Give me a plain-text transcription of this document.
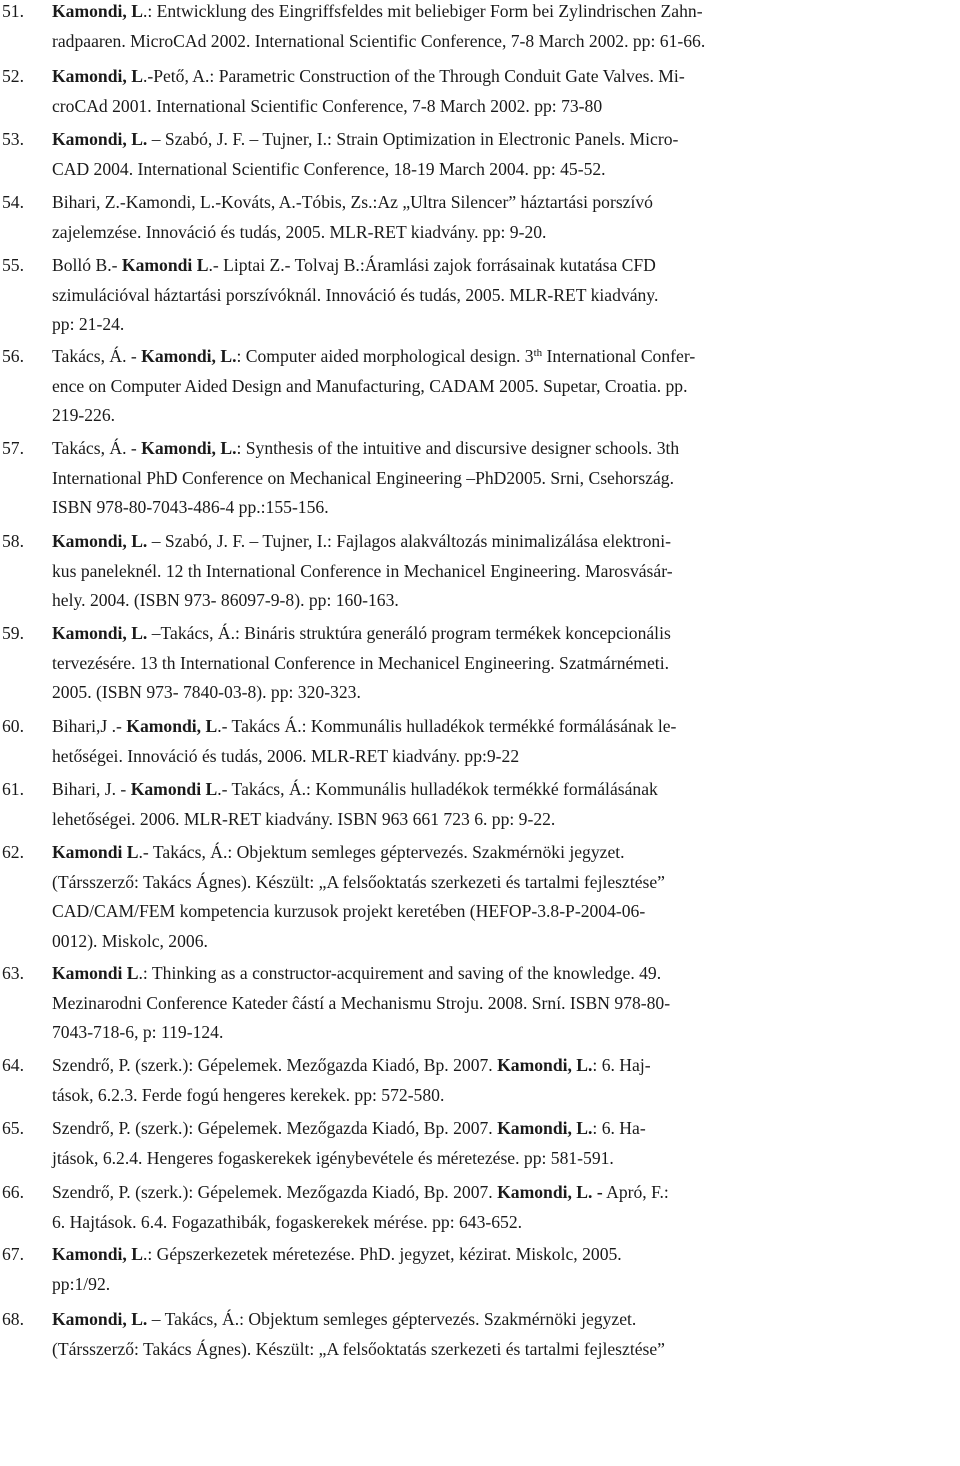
51.	Kamondi, L.: Entwicklung des Eingriffsfeldes mit beliebiger Form bei Zylindrischen Zahn-
radpaaren. MicroCAd 2002. International Scientific Conference, 7-8 March 2002. pp: 61-66.
52.	Kamondi, L.-Pető, A.: Parametric Construction of the Through Conduit Gate Valves. Mi-
croCAd 2001. International Scientific Conference, 7-8 March 2002. pp: 73-80
53.	Kamondi, L. – Szabó, J. F. – Tujner, I.: Strain Optimization in Electronic Panels. Micro-
CAD 2004. International Scientific Conference, 18-19 March 2004. pp: 45-52.
54.	Bihari, Z.-Kamondi, L.-Kováts, A.-Tóbis, Zs.:Az „Ultra Silencer” háztartási porszívó
zajelemzése. Innováció és tudás, 2005. MLR-RET kiadvány. pp: 9-20.
55.	Bolló B.- Kamondi L.- Liptai Z.- Tolvaj B.:Áramlási zajok forrásainak kutatása CFD
szimulációval háztartási porszívóknál. Innováció és tudás, 2005. MLR-RET kiadvány.
pp: 21-24.
56.	Takács, Á. - Kamondi, L.: Computer aided morphological design. 3th International Confer-
ence on Computer Aided Design and Manufacturing, CADAM 2005. Supetar, Croatia. pp.
219-226.
57.	Takács, Á. - Kamondi, L.: Synthesis of the intuitive and discursive designer schools. 3th
International PhD Conference on Mechanical Engineering –PhD2005. Srni, Csehország.
ISBN 978-80-7043-486-4 pp.:155-156.
58.	Kamondi, L. – Szabó, J. F. – Tujner, I.: Fajlagos alakváltozás minimalizálása elektroni-
kus paneleknél. 12 th International Conference in Mechanicel Engineering. Marosvásár-
hely. 2004. (ISBN 973- 86097-9-8). pp: 160-163.
59.	Kamondi, L. –Takács, Á.: Bináris struktúra generáló program termékek koncepcionális
tervezésére. 13 th International Conference in Mechanicel Engineering. Szatmárnémeti.
2005. (ISBN 973- 7840-03-8). pp: 320-323.
60.	Bihari,J .- Kamondi, L.- Takács Á.: Kommunális hulladékok termékké formálásának le-
hetőségei. Innováció és tudás, 2006. MLR-RET kiadvány. pp:9-22
61.	Bihari, J. - Kamondi L.- Takács, Á.: Kommunális hulladékok termékké formálásának
lehetőségei. 2006. MLR-RET kiadvány. ISBN 963 661 723 6. pp: 9-22.
62.	Kamondi L.- Takács, Á.: Objektum semleges géptervezés. Szakmérnöki jegyzet.
(Társszerző: Takács Ágnes). Készült: „A felsőoktatás szerkezeti és tartalmi fejlesztése”
CAD/CAM/FEM kompetencia kurzusok projekt keretében (HEFOP-3.8-P-2004-06-
0012). Miskolc, 2006.
63.	Kamondi L.: Thinking as a constructor-acquirement and saving of the knowledge. 49.
Mezinarodni Conference Kateder ĉástí a Mechanismu Stroju. 2008. Srní. ISBN 978-80-
7043-718-6, p: 119-124.
64.	Szendrő, P. (szerk.): Gépelemek. Mezőgazda Kiadó, Bp. 2007. Kamondi, L.: 6. Haj-
tások, 6.2.3. Ferde fogú hengeres kerekek. pp: 572-580.
65.	Szendrő, P. (szerk.): Gépelemek. Mezőgazda Kiadó, Bp. 2007. Kamondi, L.: 6. Ha-
jtások, 6.2.4. Hengeres fogaskerekek igénybevétele és méretezése. pp: 581-591.
66.	Szendrő, P. (szerk.): Gépelemek. Mezőgazda Kiadó, Bp. 2007. Kamondi, L. - Apró, F.:
6. Hajtások. 6.4. Fogazathibák, fogaskerekek mérése. pp: 643-652.
67.	Kamondi, L.: Gépszerkezetek méretezése. PhD. jegyzet, kézirat. Miskolc, 2005.
pp:1/92.
68.	Kamondi, L. – Takács, Á.: Objektum semleges géptervezés. Szakmérnöki jegyzet.
(Társszerző: Takács Ágnes). Készült: „A felsőoktatás szerkezeti és tartalmi fejlesztése”
